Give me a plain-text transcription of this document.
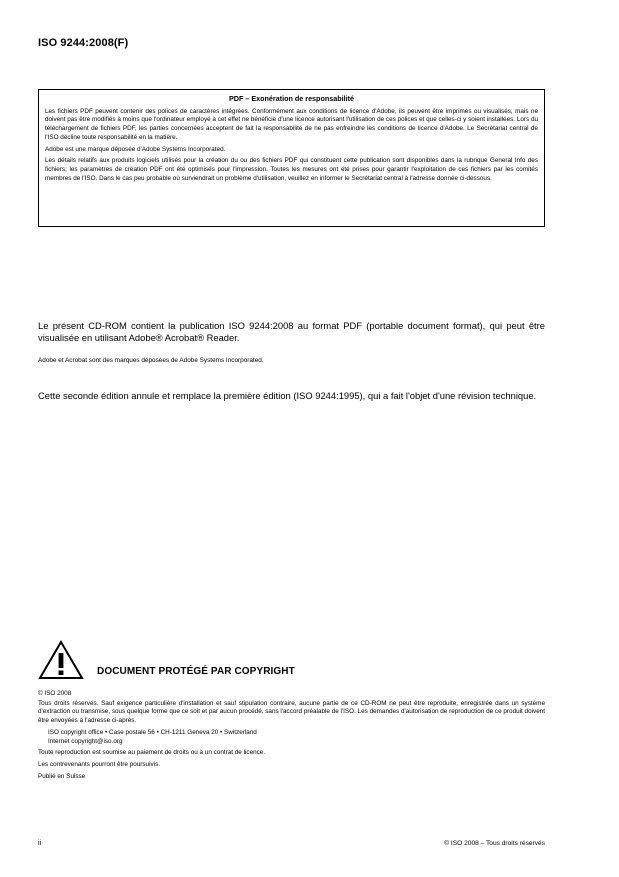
ISO 9244:2008(F)
PDF – Exonération de responsabilité

Les fichiers PDF peuvent contenir des polices de caractères intégrées. Conformément aux conditions de licence d'Adobe, ils peuvent être imprimés ou visualisés, mais ne doivent pas être modifiés à moins que l'ordinateur employé à cet effet ne bénéficie d'une licence autorisant l'utilisation de ces polices et que celles-ci y soient installées. Lors du téléchargement de fichiers PDF, les parties concernées acceptent de fait la responsabilité de ne pas enfreindre les conditions de licence d'Adobe. Le Secrétariat central de l'ISO décline toute responsabilité en la matière.

Adobe est une marque déposée d'Adobe Systems Incorporated.

Les détails relatifs aux produits logiciels utilisés pour la création du ou des fichiers PDF qui constituent cette publication sont disponibles dans la rubrique General Info des fichiers; les paramètres de création PDF ont été optimisés pour l'impression. Toutes les mesures ont été prises pour garantir l'exploitation de ces fichiers par les comités membres de l'ISO. Dans le cas peu probable où surviendrait un problème d'utilisation, veuillez en informer le Secrétariat central à l'adresse donnée ci-dessous.

Le présent CD-ROM contient la publication ISO 9244:2008 au format PDF (portable document format), qui peut être visualisée en utilisant Adobe® Acrobat® Reader.
Adobe et Acrobat sont des marques déposées de Adobe Systems Incorporated.
Cette seconde édition annule et remplace la première édition (ISO 9244:1995), qui a fait l'objet d'une révision technique.
DOCUMENT PROTÉGÉ PAR COPYRIGHT

© ISO 2008

Tous droits réservés. Sauf exigence particulière d'installation et sauf stipulation contraire, aucune partie de ce CD-ROM ne peut être reproduite, enregistrée dans un système d'extraction ou transmise, sous quelque forme que ce soit et par aucun procédé, sans l'accord préalable de l'ISO. Les demandes d'autorisation de reproduction de ce produit doivent être envoyées à l'adresse ci-après.

ISO copyright office • Case postale 56 • CH-1211 Geneva 20 • Switzerland

Internet copyright@iso.org

Toute reproduction est soumise au paiement de droits ou à un contrat de licence.

Les contrevenants pourront être poursuivis.

Publié en Suisse

ii	© ISO 2008 – Tous droits réservés
